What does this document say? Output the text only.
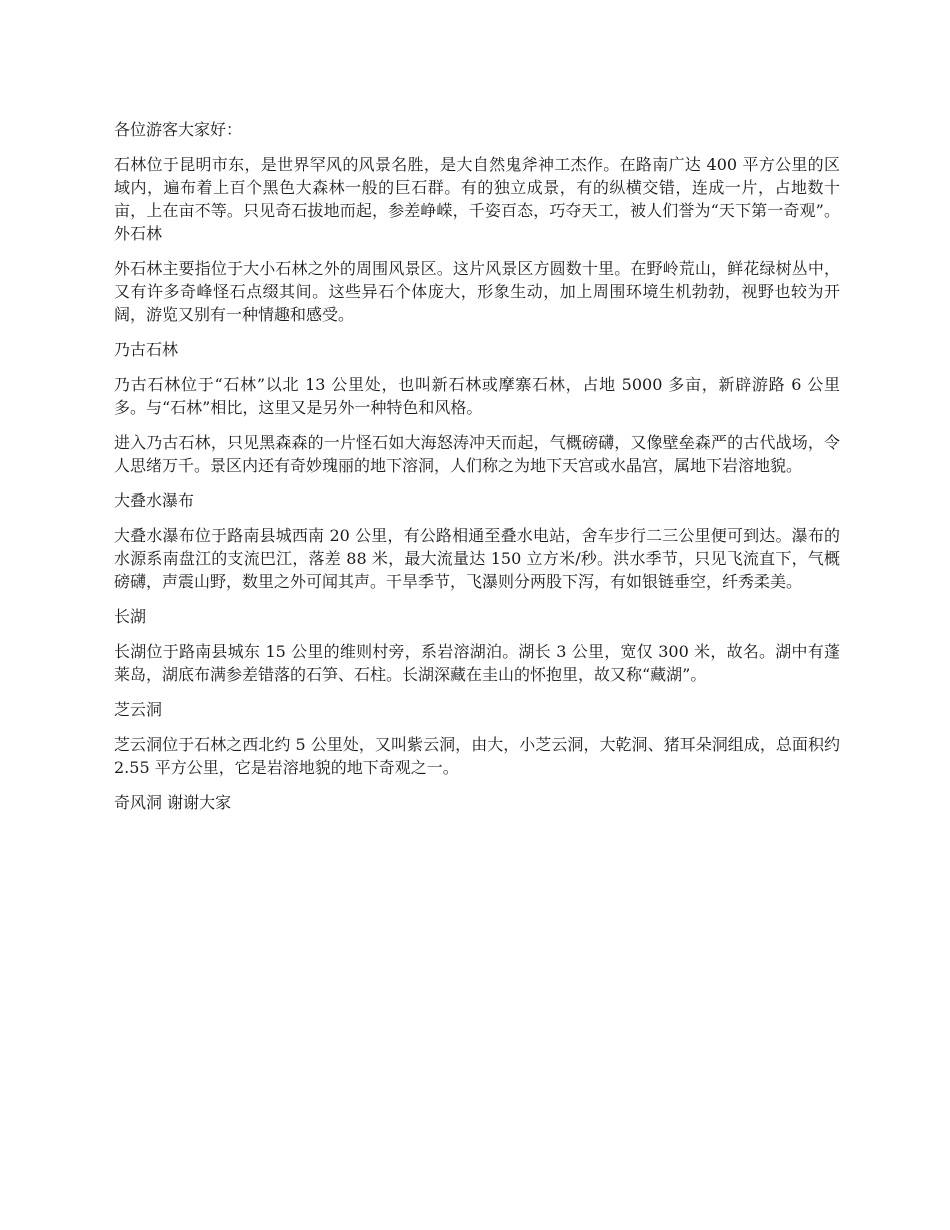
各位游客大家好：

石林位于昆明市东，是世界罕风的风景名胜，是大自然鬼斧神工杰作。在路南广达 400 平方公里的区域内，遍布着上百个黑色大森林一般的巨石群。有的独立成景，有的纵横交错，连成一片，占地数十亩，上在亩不等。只见奇石拔地而起，参差峥嵘，千姿百态，巧夺天工，被人们誉为“天下第一奇观”。 外石林

外石林主要指位于大小石林之外的周围风景区。这片风景区方圆数十里。在野岭荒山，鲜花绿树丛中，又有许多奇峰怪石点缀其间。这些异石个体庞大，形象生动，加上周围环境生机勃勃，视野也较为开阔，游览又别有一种情趣和感受。

乃古石林

乃古石林位于“石林”以北 13 公里处，也叫新石林或摩寨石林，占地 5000 多亩，新辟游路 6 公里多。与“石林”相比，这里又是另外一种特色和风格。

进入乃古石林，只见黑森森的一片怪石如大海怒涛冲天而起，气概磅礴，又像壁垒森严的古代战场，令人思绪万千。景区内还有奇妙瑰丽的地下溶洞，人们称之为地下天宫或水晶宫，属地下岩溶地貌。

大叠水瀑布

大叠水瀑布位于路南县城西南 20 公里，有公路相通至叠水电站，舍车步行二三公里便可到达。瀑布的水源系南盘江的支流巴江，落差 88 米，最大流量达 150 立方米/秒。洪水季节，只见飞流直下，气概磅礴，声震山野，数里之外可闻其声。干旱季节，飞瀑则分两股下泻，有如银链垂空，纤秀柔美。

长湖

长湖位于路南县城东 15 公里的维则村旁，系岩溶湖泊。湖长 3 公里，宽仅 300 米，故名。湖中有蓬莱岛，湖底布满参差错落的石笋、石柱。长湖深藏在圭山的怀抱里，故又称“藏湖”。

芝云洞

芝云洞位于石林之西北约 5 公里处，又叫紫云洞，由大，小芝云洞，大乾洞、猪耳朵洞组成，总面积约 2.55 平方公里，它是岩溶地貌的地下奇观之一。

奇风洞 谢谢大家
